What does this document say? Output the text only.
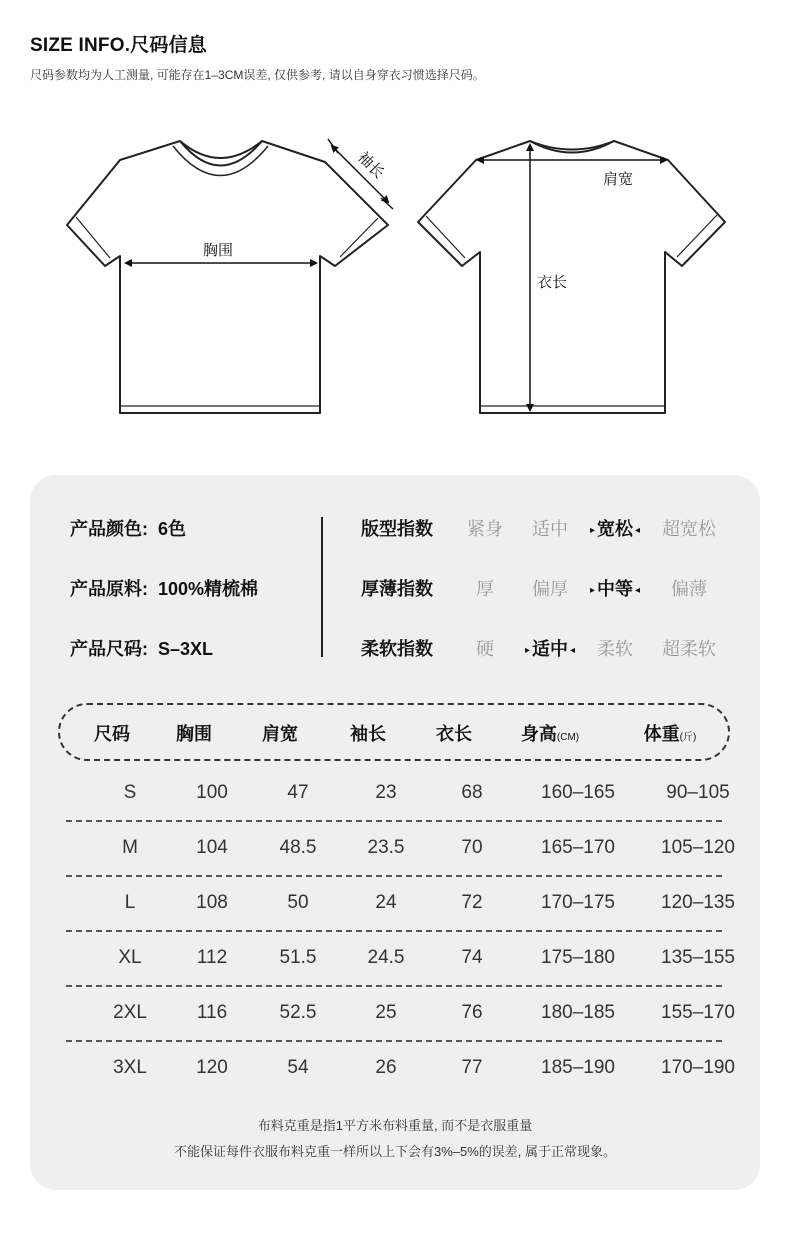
SIZE INFO.尺码信息
尺码参数均为人工测量, 可能存在1–3CM误差, 仅供参考, 请以自身穿衣习惯选择尺码。
袖长
胸围
肩宽
衣长
产品颜色: 6色
产品原料: 100%精梳棉
产品尺码: S–3XL
版型指数	紧身	适中	▸ 宽松 ◂	超宽松
厚薄指数	厚	偏厚	▸ 中等 ◂	偏薄
柔软指数	硬	▸ 适中 ◂	柔软	超柔软
尺码	胸围	肩宽	袖长	衣长	身高(CM)	体重(斤)
S	100	47	23	68	160–165	90–105
M	104	48.5	23.5	70	165–170	105–120
L	108	50	24	72	170–175	120–135
XL	112	51.5	24.5	74	175–180	135–155
2XL	116	52.5	25	76	180–185	155–170
3XL	120	54	26	77	185–190	170–190
布料克重是指1平方米布料重量, 而不是衣服重量
不能保证每件衣服布料克重一样所以上下会有3%–5%的误差, 属于正常现象。
